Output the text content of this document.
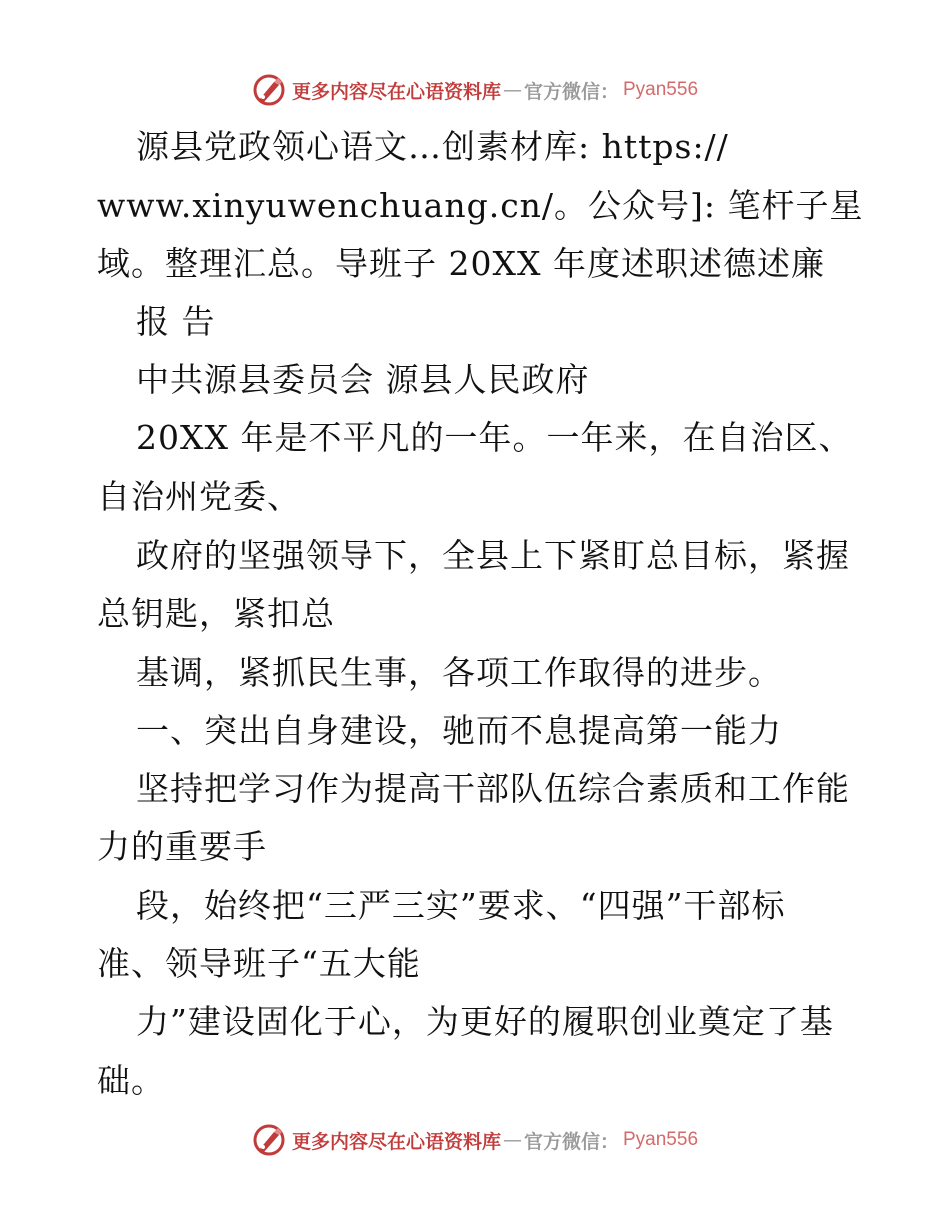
更多内容尽在心语资料库 — 官方微信： Pyan556
源县党政领心语文…创素材库: https://
www.xinyuwenchuang.cn/。公众号]: 笔杆子星
域。整理汇总。导班子 20XX 年度述职述德述廉
报 告
中共源县委员会 源县人民政府
20XX 年是不平凡的一年。一年来，在自治区、
自治州党委、
政府的坚强领导下，全县上下紧盯总目标，紧握
总钥匙，紧扣总
基调，紧抓民生事，各项工作取得的进步。
一、突出自身建设，驰而不息提高第一能力
坚持把学习作为提高干部队伍综合素质和工作能
力的重要手
段，始终把“三严三实”要求、“四强”干部标
准、领导班子“五大能
力”建设固化于心，为更好的履职创业奠定了基
础。
更多内容尽在心语资料库 — 官方微信： Pyan556
